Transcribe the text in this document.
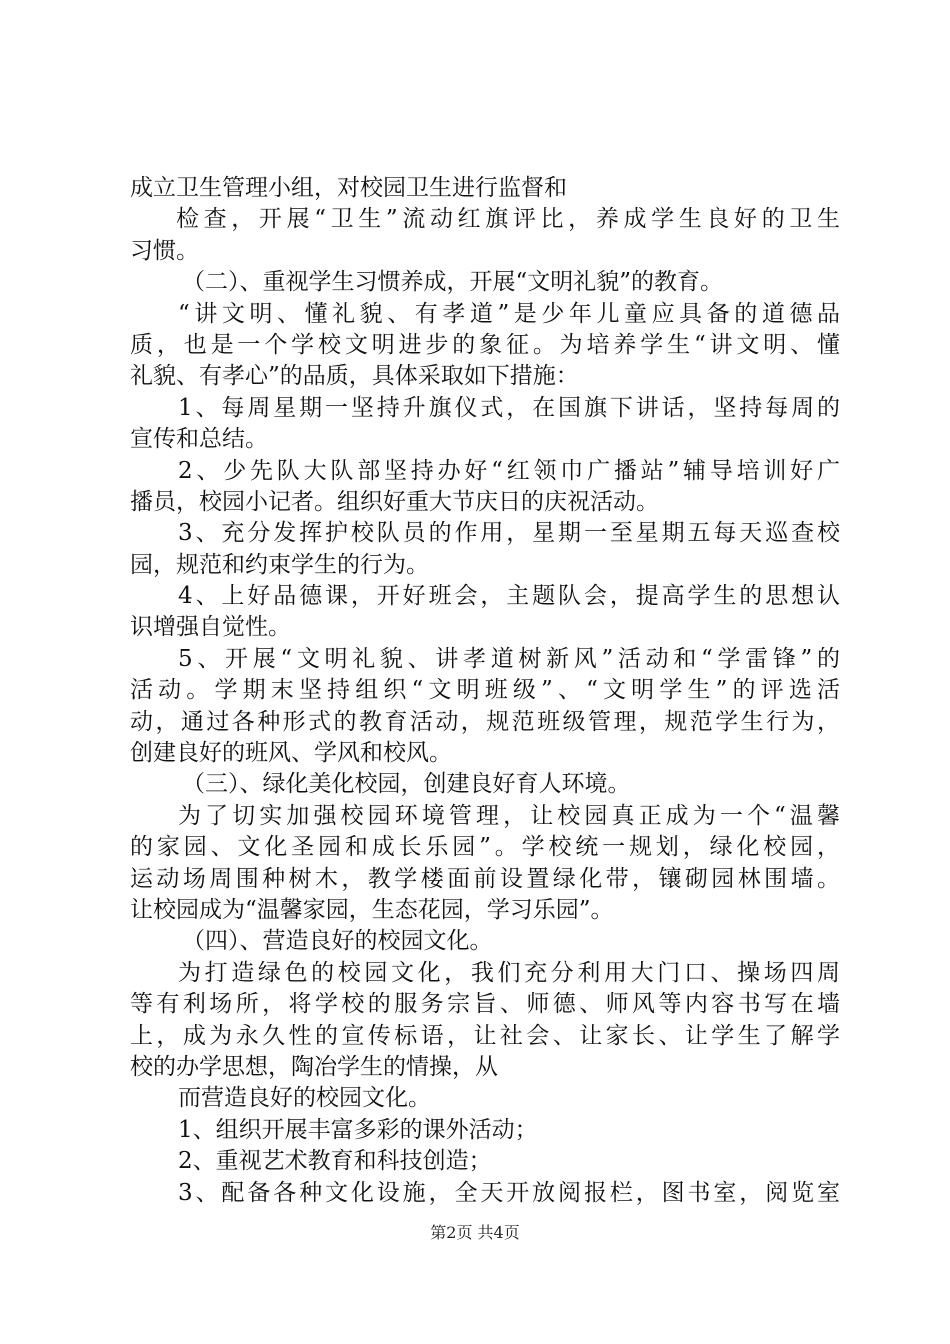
成立卫生管理小组，对校园卫生进行监督和
检查，开展“卫生”流动红旗评比，养成学生良好的卫生
习惯。
（二）、重视学生习惯养成，开展“文明礼貌”的教育。
“讲文明、懂礼貌、有孝道”是少年儿童应具备的道德品
质，也是一个学校文明进步的象征。为培养学生“讲文明、懂
礼貌、有孝心”的品质，具体采取如下措施：
1、每周星期一坚持升旗仪式，在国旗下讲话，坚持每周的
宣传和总结。
2、少先队大队部坚持办好“红领巾广播站”辅导培训好广
播员，校园小记者。组织好重大节庆日的庆祝活动。
3、充分发挥护校队员的作用，星期一至星期五每天巡查校
园，规范和约束学生的行为。
4、上好品德课，开好班会，主题队会，提高学生的思想认
识增强自觉性。
5、开展“文明礼貌、讲孝道树新风”活动和“学雷锋”的
活动。学期末坚持组织“文明班级”、“文明学生”的评选活
动，通过各种形式的教育活动，规范班级管理，规范学生行为，
创建良好的班风、学风和校风。
（三）、绿化美化校园，创建良好育人环境。
为了切实加强校园环境管理，让校园真正成为一个“温馨
的家园、文化圣园和成长乐园”。学校统一规划，绿化校园，
运动场周围种树木，教学楼面前设置绿化带，镶砌园林围墙。
让校园成为“温馨家园，生态花园，学习乐园”。
（四）、营造良好的校园文化。
为打造绿色的校园文化，我们充分利用大门口、操场四周
等有利场所，将学校的服务宗旨、师德、师风等内容书写在墙
上，成为永久性的宣传标语，让社会、让家长、让学生了解学
校的办学思想，陶冶学生的情操，从
而营造良好的校园文化。
1、组织开展丰富多彩的课外活动；
2、重视艺术教育和科技创造；
3、配备各种文化设施，全天开放阅报栏，图书室，阅览室
第2页 共4页
